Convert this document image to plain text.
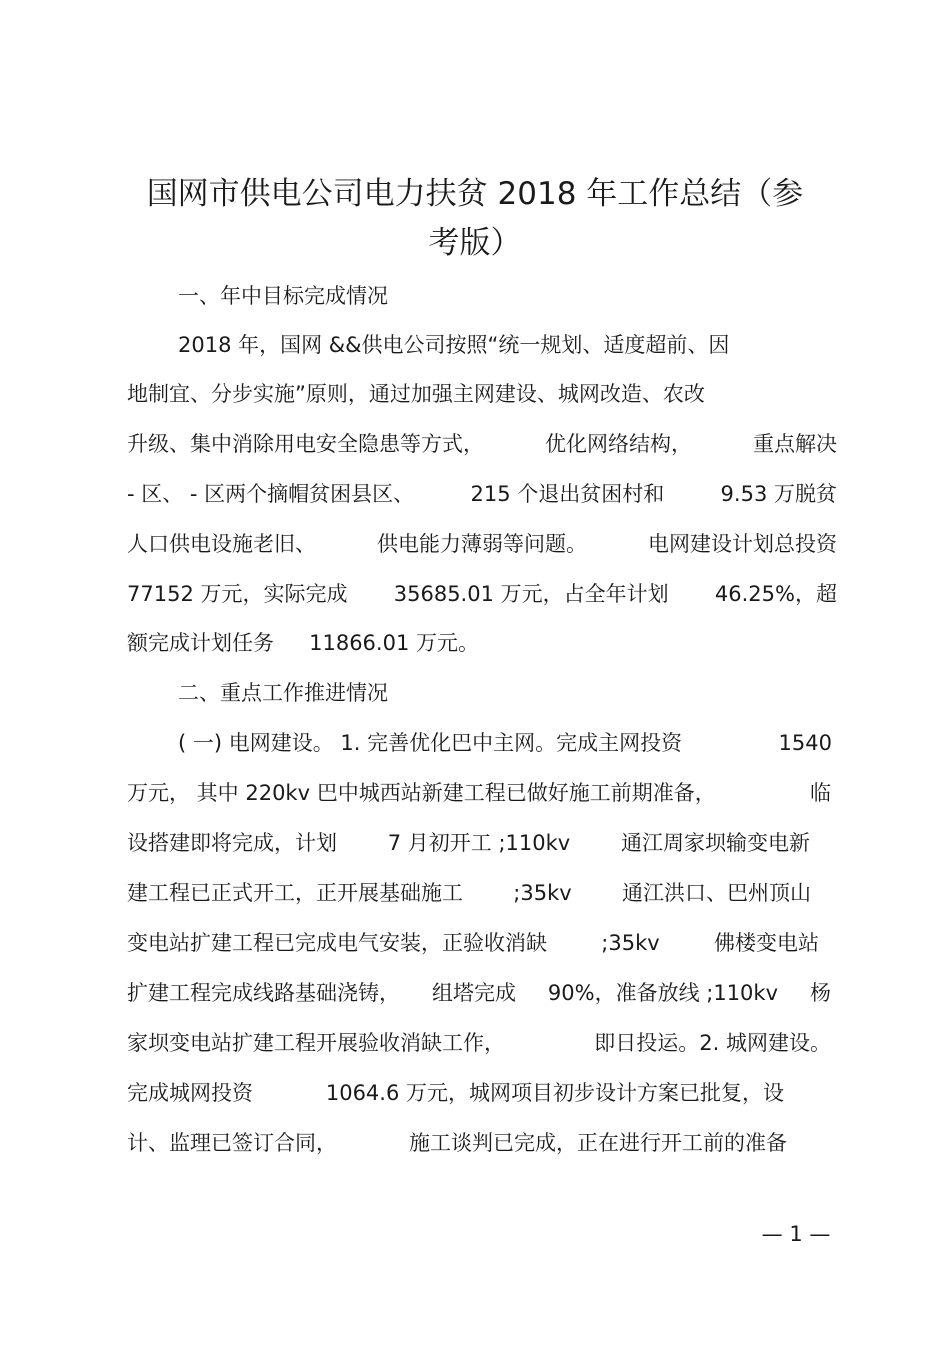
国网市供电公司电力扶贫 2018 年工作总结（参
考版）
一、年中目标完成情况
2018 年，国网 &&供电公司按照“统一规划、适度超前、因
地制宜、分步实施”原则，通过加强主网建设、城网改造、农改
升级、集中消除用电安全隐患等方式，	优化网络结构，	重点解决
- 区、 - 区两个摘帽贫困县区、	215 个退出贫困村和	9.53 万脱贫
人口供电设施老旧、	供电能力薄弱等问题。	电网建设计划总投资
77152 万元，实际完成 35685.01 万元，占全年计划 46.25%，超
额完成计划任务 11866.01 万元。
二、重点工作推进情况
( 一) 电网建设。 1. 完善优化巴中主网。完成主网投资	1540
万元， 其中 220kv 巴中城西站新建工程已做好施工前期准备，	临
设搭建即将完成，计划 7 月初开工 ;110kv 通江周家坝输变电新
建工程已正式开工，正开展基础施工 ;35kv 通江洪口、巴州顶山
变电站扩建工程已完成电气安装，正验收消缺	;35kv	佛楼变电站
扩建工程完成线路基础浇铸， 组塔完成 90%，准备放线 ;110kv 杨
家坝变电站扩建工程开展验收消缺工作，	即日投运。2. 城网建设。
完成城网投资	1064.6 万元，城网项目初步设计方案已批复，设
计、监理已签订合同，	施工谈判已完成，正在进行开工前的准备
— 1 —
